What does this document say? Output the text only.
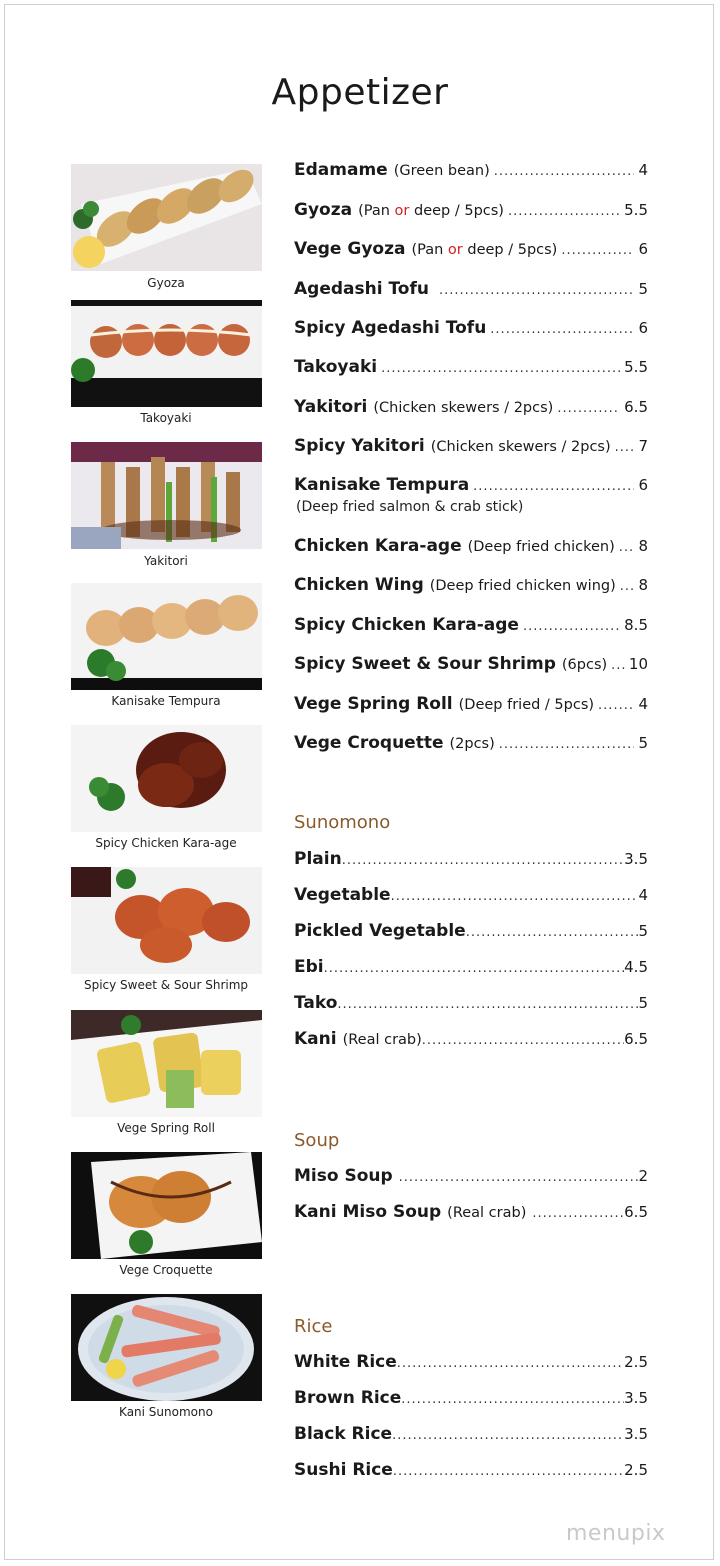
Appetizer
Gyoza
Takoyaki
Yakitori
Kanisake Tempura
Spicy Chicken Kara-age
Spicy Sweet & Sour Shrimp
Vege Spring Roll
Vege Croquette
Kani Sunomono
Edamame (Green bean) .....	4
Gyoza (Pan or deep / 5pcs) .....	5.5
Vege Gyoza (Pan or deep / 5pcs) .....	6
Agedashi Tofu .....	5
Spicy Agedashi Tofu .....	6
Takoyaki .....	5.5
Yakitori (Chicken skewers / 2pcs) .....	6.5
Spicy Yakitori (Chicken skewers / 2pcs) ..... 7
Kanisake Tempura .....	6
(Deep fried salmon & crab stick)
Chicken Kara-age (Deep fried chicken) ..... 8
Chicken Wing (Deep fried chicken wing) ..... 8
Spicy Chicken Kara-age .....	8.5
Spicy Sweet & Sour Shrimp (6pcs) ..... 10
Vege Spring Roll (Deep fried / 5pcs) .....	4
Vege Croquette (2pcs) .....	5
Sunomono
Plain .....	3.5
Vegetable .....	4
Pickled Vegetable .....	5
Ebi .....	4.5
Tako .....	5
Kani (Real crab) .....	6.5
Soup
Miso Soup .....	2
Kani Miso Soup (Real crab) .....	6.5
Rice
White Rice .....	2.5
Brown Rice .....	3.5
Black Rice .....	3.5
Sushi Rice .....	2.5
menupix
